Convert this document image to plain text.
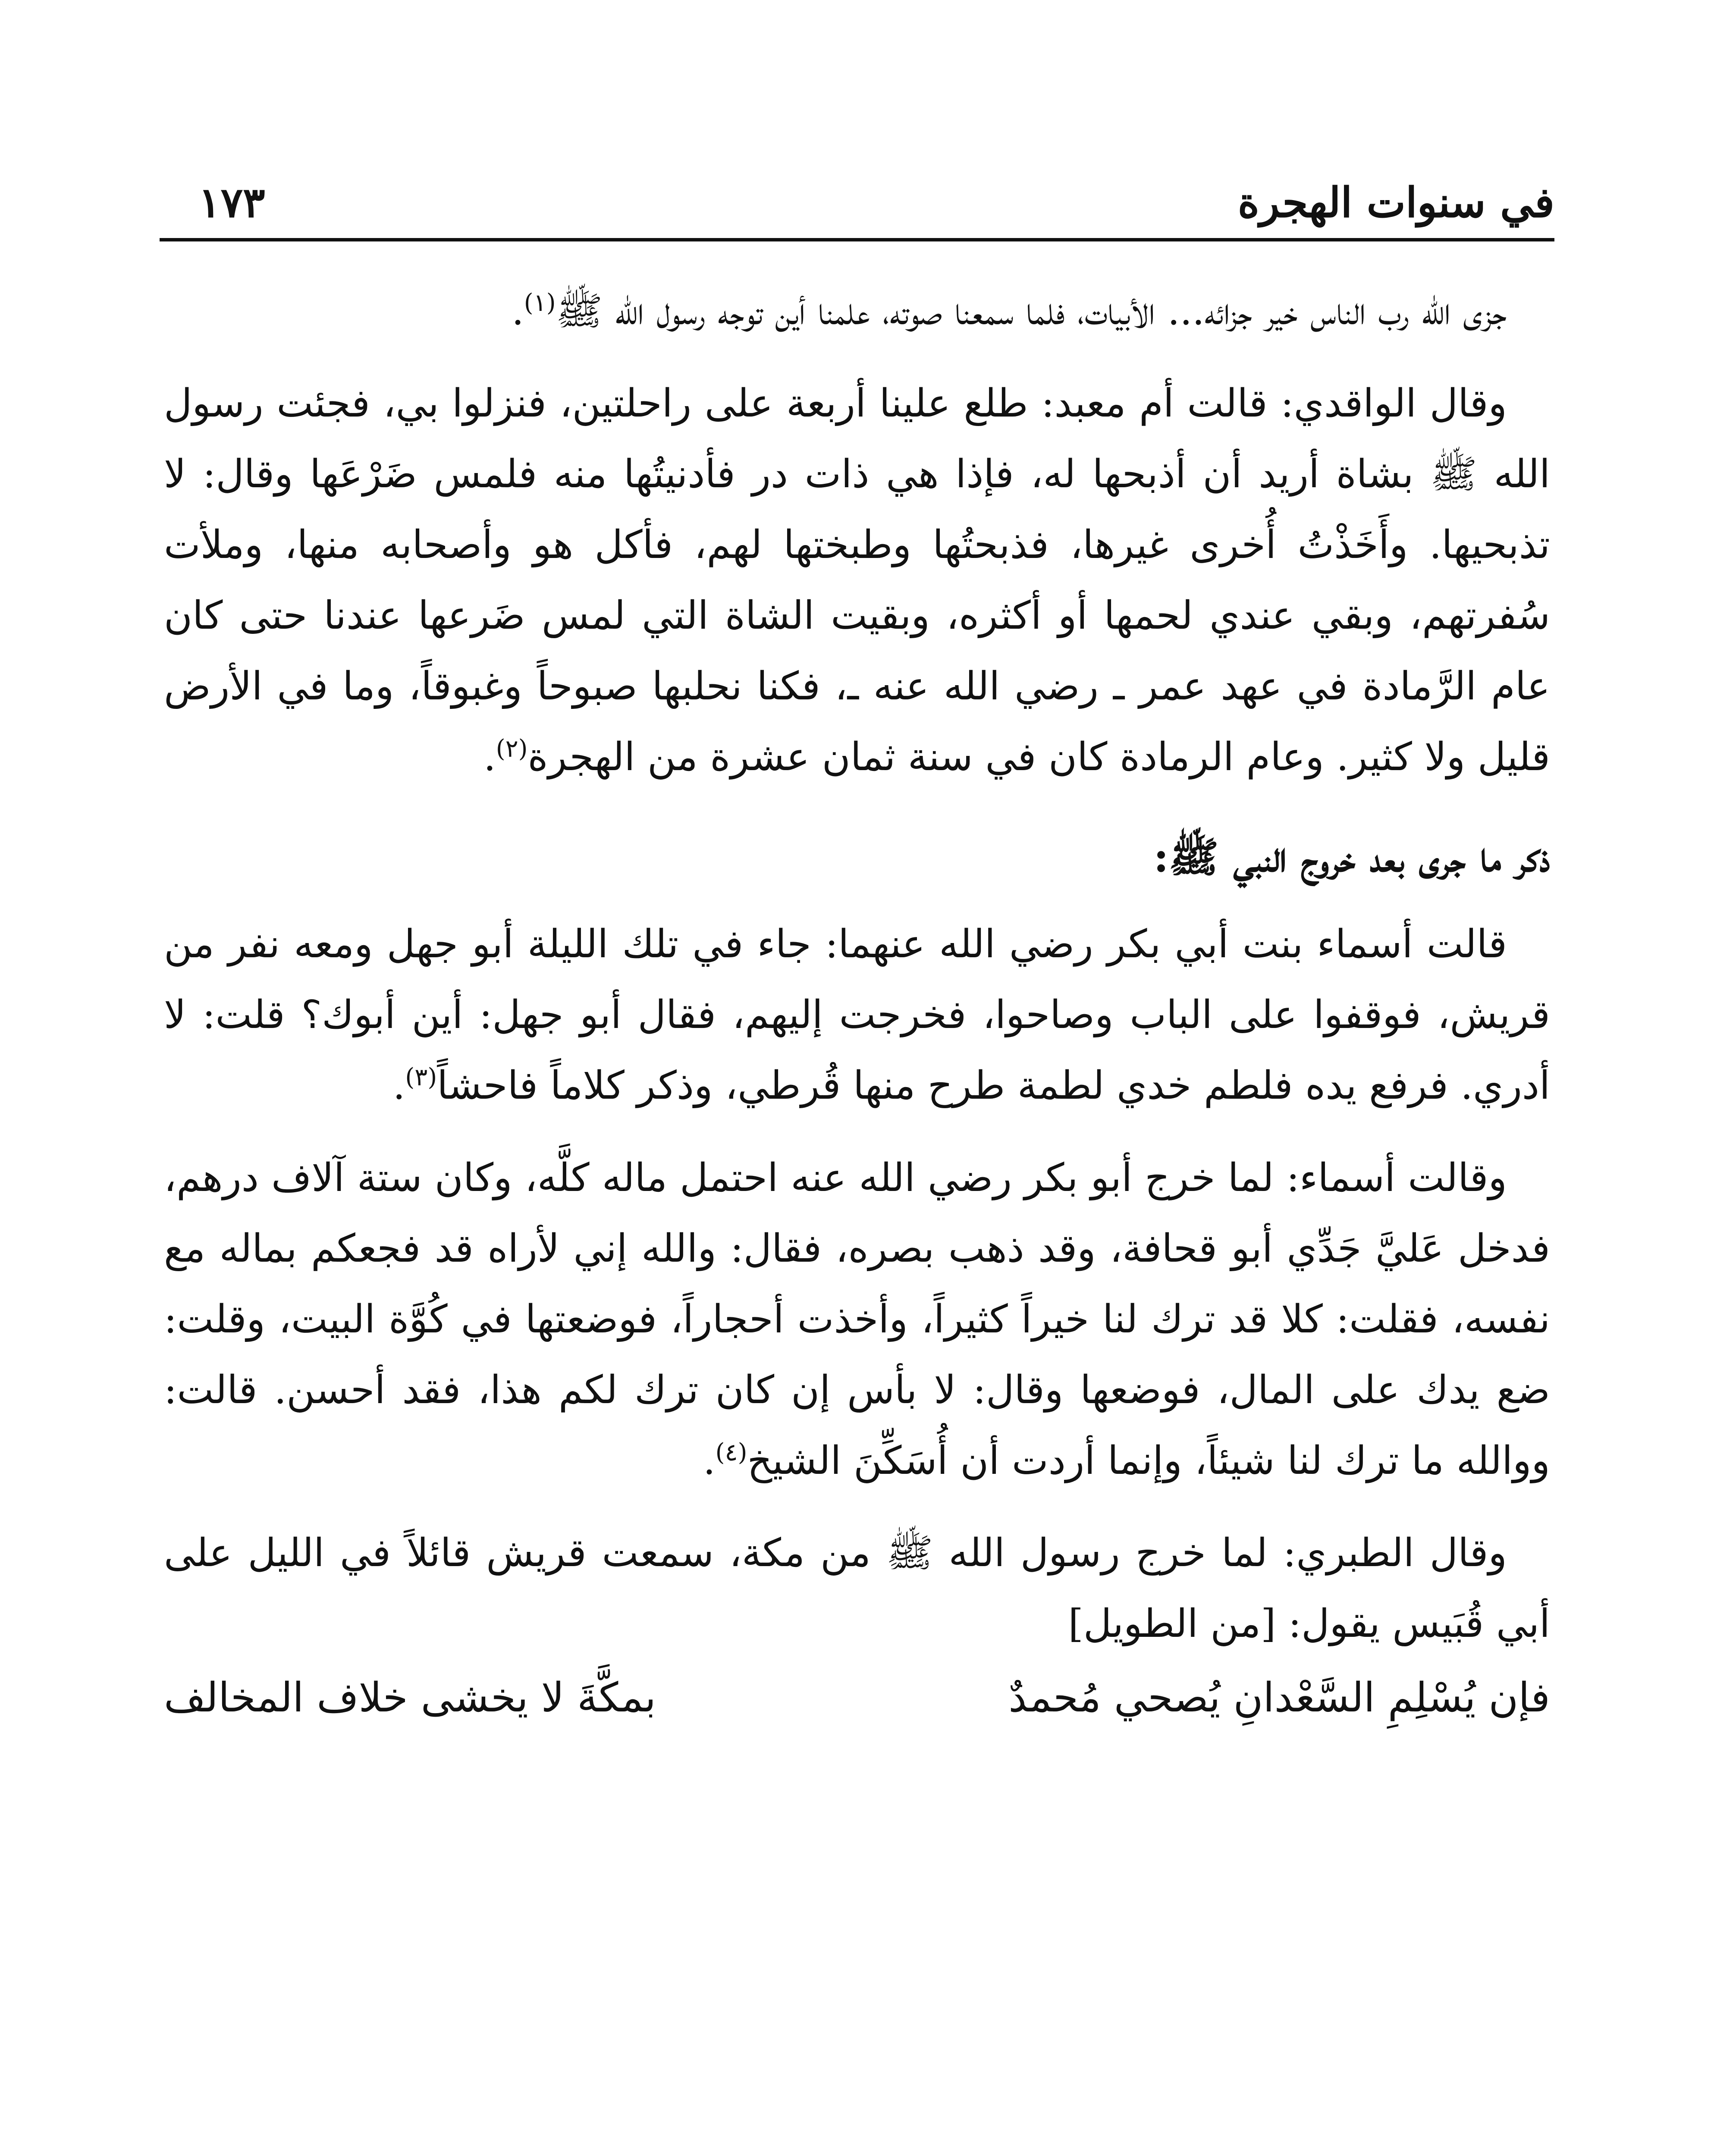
في سنوات الهجرة
١٧٣

جزى الله رب الناس خير جزائه... الأبيات، فلما سمعنا صوته، علمنا أين توجه رسول الله ﷺ$^{(١)}$.

وقال الواقدي: قالت أم معبد: طلع علينا أربعة على راحلتين، فنزلوا بي، فجئت رسول الله ﷺ بشاة أريد أن أذبحها له، فإذا هي ذات در فأدنيتُها منه فلمس ضَرْعَها وقال: لا تذبحيها. وأَخَذْتُ أُخرى غيرها، فذبحتُها وطبختها لهم، فأكل هو وأصحابه منها، وملأت سُفرتهم، وبقي عندي لحمها أو أكثره، وبقيت الشاة التي لمس ضَرعها عندنا حتى كان عام الرَّمادة في عهد عمر ـ رضي الله عنه ـ، فكنا نحلبها صبوحاً وغبوقاً، وما في الأرض قليل ولا كثير. وعام الرمادة كان في سنة ثمان عشرة من الهجرة$^{(٢)}$.

ذكر ما جرى بعد خروج النبي ﷺ:

قالت أسماء بنت أبي بكر رضي الله عنهما: جاء في تلك الليلة أبو جهل ومعه نفر من قريش، فوقفوا على الباب وصاحوا، فخرجت إليهم، فقال أبو جهل: أين أبوك؟ قلت: لا أدري. فرفع يده فلطم خدي لطمة طرح منها قُرطي، وذكر كلاماً فاحشاً$^{(٣)}$.

وقالت أسماء: لما خرج أبو بكر رضي الله عنه احتمل ماله كلَّه، وكان ستة آلاف درهم، فدخل عَليَّ جَدِّي أبو قحافة، وقد ذهب بصره، فقال: والله إني لأراه قد فجعكم بماله مع نفسه، فقلت: كلا قد ترك لنا خيراً كثيراً، وأخذت أحجاراً، فوضعتها في كُوَّة البيت، وقلت: ضع يدك على المال، فوضعها وقال: لا بأس إن كان ترك لكم هذا، فقد أحسن. قالت: ووالله ما ترك لنا شيئاً، وإنما أردت أن أُسَكِّنَ الشيخ$^{(٤)}$.

وقال الطبري: لما خرج رسول الله ﷺ من مكة، سمعت قريش قائلاً في الليل على أبي قُبَيس يقول: [من الطويل]

فإن يُسْلِمِ السَّعْدانِ يُصحي مُحمدٌ
بمكَّةَ لا يخشى خلاف المخالف
